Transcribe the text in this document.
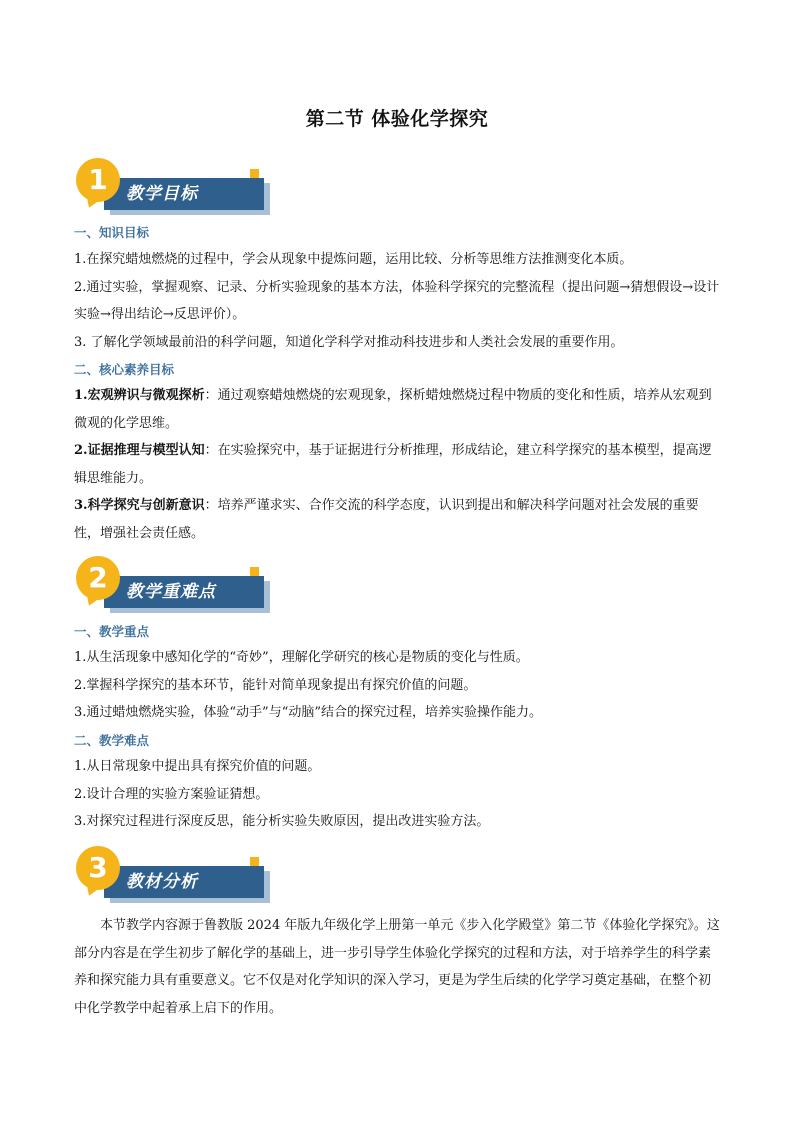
第二节 体验化学探究
教学目标
1
一、知识目标
1.在探究蜡烛燃烧的过程中，学会从现象中提炼问题，运用比较、分析等思维方法推测变化本质。
2.通过实验，掌握观察、记录、分析实验现象的基本方法，体验科学探究的完整流程（提出问题→猜想假设→设计实验→得出结论→反思评价）。
3. 了解化学领域最前沿的科学问题，知道化学科学对推动科技进步和人类社会发展的重要作用。
二、核心素养目标
1.宏观辨识与微观探析：通过观察蜡烛燃烧的宏观现象，探析蜡烛燃烧过程中物质的变化和性质，培养从宏观到微观的化学思维。
2.证据推理与模型认知：在实验探究中，基于证据进行分析推理，形成结论，建立科学探究的基本模型，提高逻辑思维能力。
3.科学探究与创新意识：培养严谨求实、合作交流的科学态度，认识到提出和解决科学问题对社会发展的重要性，增强社会责任感。
教学重难点
2
一、教学重点
1.从生活现象中感知化学的“奇妙”，理解化学研究的核心是物质的变化与性质。
2.掌握科学探究的基本环节，能针对简单现象提出有探究价值的问题。
3.通过蜡烛燃烧实验，体验“动手”与“动脑”结合的探究过程，培养实验操作能力。
二、教学难点
1.从日常现象中提出具有探究价值的问题。
2.设计合理的实验方案验证猜想。
3.对探究过程进行深度反思，能分析实验失败原因，提出改进实验方法。
教材分析
3
本节教学内容源于鲁教版 2024 年版九年级化学上册第一单元《步入化学殿堂》第二节《体验化学探究》。这部分内容是在学生初步了解化学的基础上，进一步引导学生体验化学探究的过程和方法，对于培养学生的科学素养和探究能力具有重要意义。它不仅是对化学知识的深入学习，更是为学生后续的化学学习奠定基础，在整个初中化学教学中起着承上启下的作用。
